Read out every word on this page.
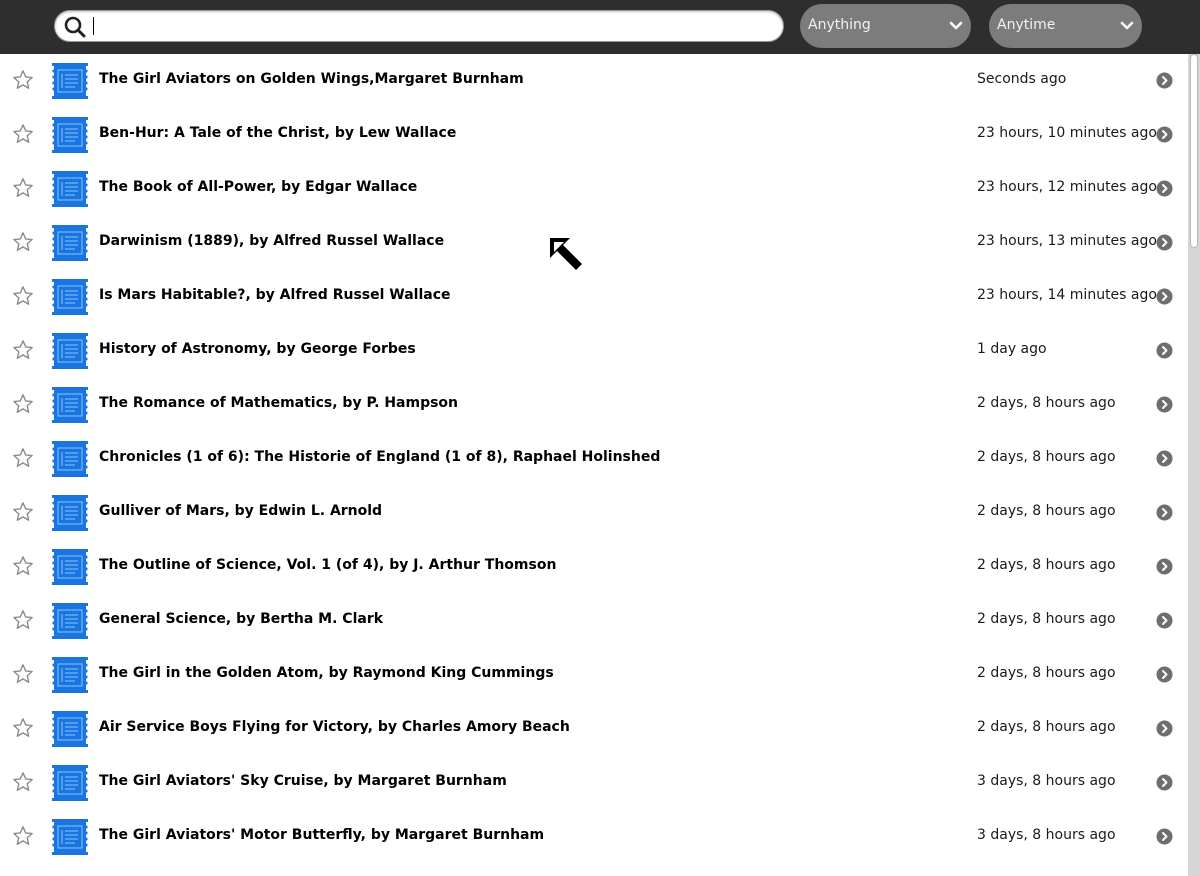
Anything	Anytime
The Girl Aviators on Golden Wings,Margaret Burnham	Seconds ago
Ben-Hur: A Tale of the Christ, by Lew Wallace	23 hours, 10 minutes ago
The Book of All-Power, by Edgar Wallace	23 hours, 12 minutes ago
Darwinism (1889), by Alfred Russel Wallace	23 hours, 13 minutes ago
Is Mars Habitable?, by Alfred Russel Wallace	23 hours, 14 minutes ago
History of Astronomy, by George Forbes	1 day ago
The Romance of Mathematics, by P. Hampson	2 days, 8 hours ago
Chronicles (1 of 6): The Historie of England (1 of 8), Raphael Holinshed	2 days, 8 hours ago
Gulliver of Mars, by Edwin L. Arnold	2 days, 8 hours ago
The Outline of Science, Vol. 1 (of 4), by J. Arthur Thomson	2 days, 8 hours ago
General Science, by Bertha M. Clark	2 days, 8 hours ago
The Girl in the Golden Atom, by Raymond King Cummings	2 days, 8 hours ago
Air Service Boys Flying for Victory, by Charles Amory Beach	2 days, 8 hours ago
The Girl Aviators' Sky Cruise, by Margaret Burnham	3 days, 8 hours ago
The Girl Aviators' Motor Butterfly, by Margaret Burnham	3 days, 8 hours ago
